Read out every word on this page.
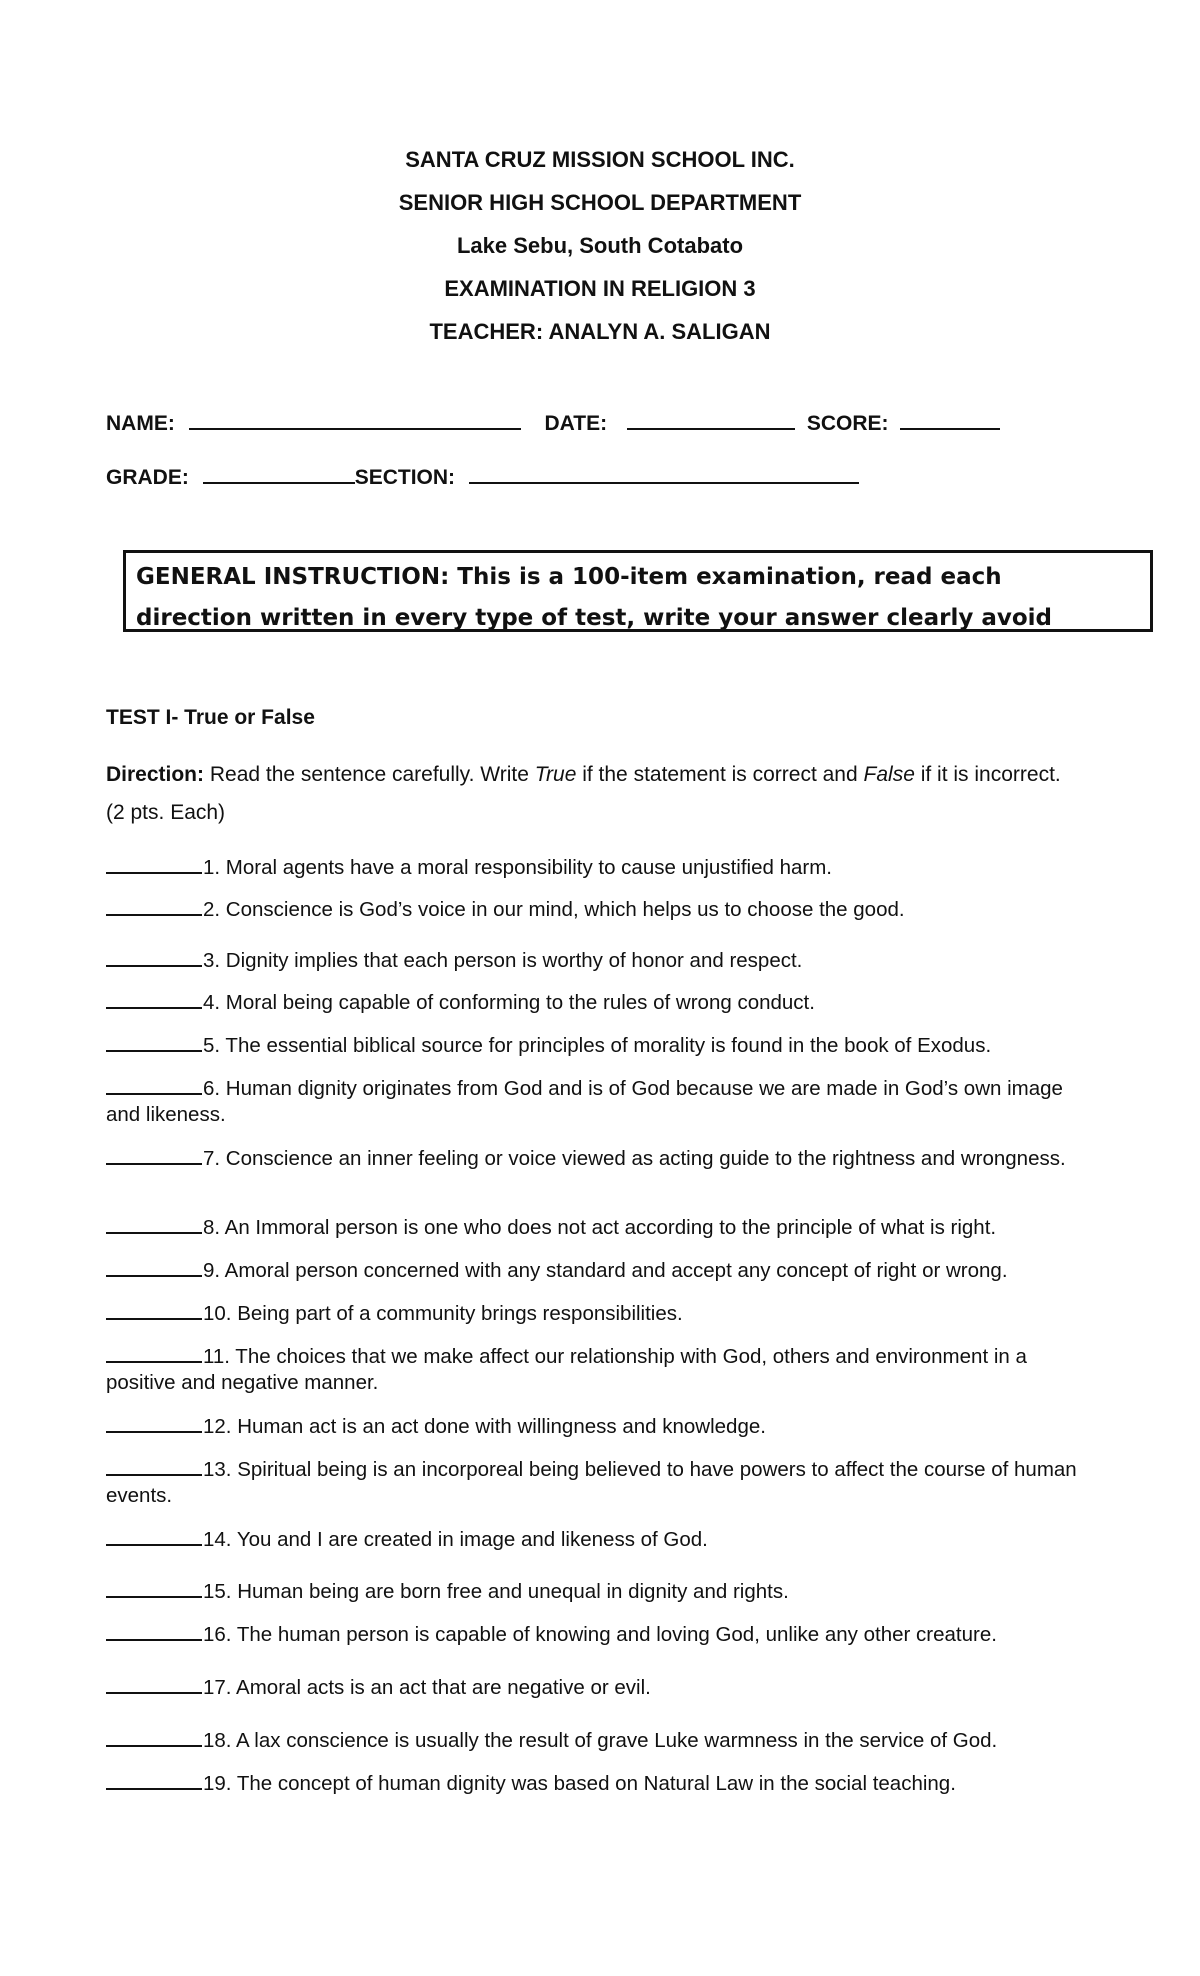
SANTA CRUZ MISSION SCHOOL INC.
SENIOR HIGH SCHOOL DEPARTMENT
Lake Sebu, South Cotabato
EXAMINATION IN RELIGION 3
TEACHER: ANALYN A. SALIGAN
NAME:	DATE:	SCORE:
GRADE:	SECTION:
GENERAL INSTRUCTION: This is a 100-item examination, read each
direction written in every type of test, write your answer clearly avoid
TEST I- True or False
Direction: Read the sentence carefully. Write True if the statement is correct and False if it is incorrect.
(2 pts. Each)
1. Moral agents have a moral responsibility to cause unjustified harm.
2. Conscience is God’s voice in our mind, which helps us to choose the good.
3. Dignity implies that each person is worthy of honor and respect.
4. Moral being capable of conforming to the rules of wrong conduct.
5. The essential biblical source for principles of morality is found in the book of Exodus.
6. Human dignity originates from God and is of God because we are made in God’s own image and likeness.
7. Conscience an inner feeling or voice viewed as acting guide to the rightness and wrongness.
8. An Immoral person is one who does not act according to the principle of what is right.
9. Amoral person concerned with any standard and accept any concept of right or wrong.
10. Being part of a community brings responsibilities.
11. The choices that we make affect our relationship with God, others and environment in a positive and negative manner.
12. Human act is an act done with willingness and knowledge.
13. Spiritual being is an incorporeal being believed to have powers to affect the course of human events.
14. You and I are created in image and likeness of God.
15. Human being are born free and unequal in dignity and rights.
16. The human person is capable of knowing and loving God, unlike any other creature.
17. Amoral acts is an act that are negative or evil.
18. A lax conscience is usually the result of grave Luke warmness in the service of God.
19. The concept of human dignity was based on Natural Law in the social teaching.
